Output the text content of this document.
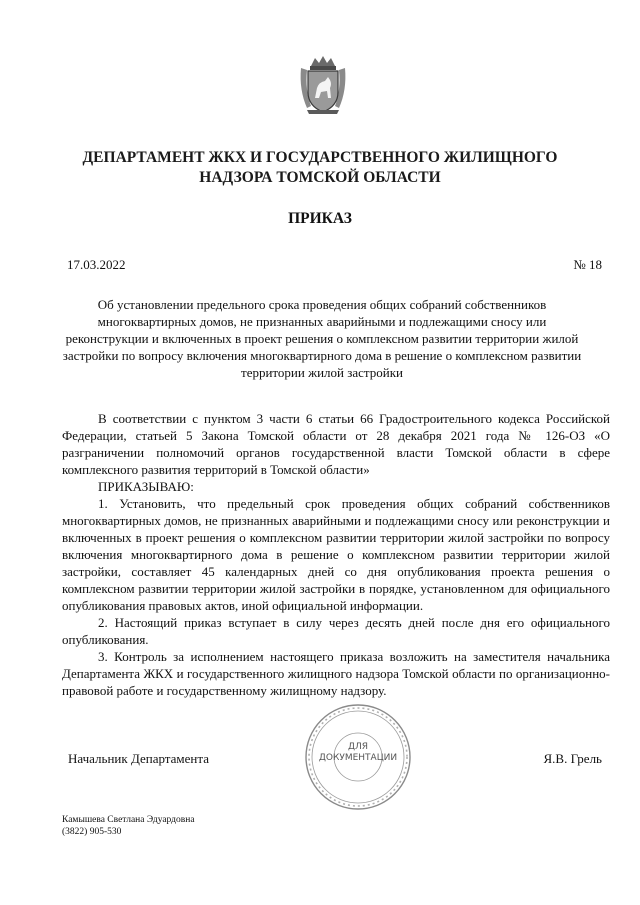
ДЕПАРТАМЕНТ ЖКХ И ГОСУДАРСТВЕННОГО ЖИЛИЩНОГО
НАДЗОРА ТОМСКОЙ ОБЛАСТИ
ПРИКАЗ
17.03.2022	№ 18
Об установлении предельного срока проведения общих собраний собственников многоквартирных домов, не признанных аварийными и подлежащими сносу или реконструкции и включенных в проект решения о комплексном развитии территории жилой застройки по вопросу включения многоквартирного дома в решение о комплексном развитии территории жилой застройки

В соответствии с пунктом 3 части 6 статьи 66 Градостроительного кодекса Российской Федерации, статьей 5 Закона Томской области от 28 декабря 2021 года № 126-ОЗ «О разграничении полномочий органов государственной власти Томской области в сфере комплексного развития территорий в Томской области»

ПРИКАЗЫВАЮ:

1. Установить, что предельный срок проведения общих собраний собственников многоквартирных домов, не признанных аварийными и подлежащими сносу или реконструкции и включенных в проект решения о комплексном развитии территории жилой застройки по вопросу включения многоквартирного дома в решение о комплексном развитии территории жилой застройки, составляет 45 календарных дней со дня опубликования проекта решения о комплексном развитии территории жилой застройки в порядке, установленном для официального опубликования правовых актов, иной официальной информации.

2. Настоящий приказ вступает в силу через десять дней после дня его официального опубликования.

3. Контроль за исполнением настоящего приказа возложить на заместителя начальника Департамента ЖКХ и государственного жилищного надзора Томской области по организационно-правовой работе и государственному жилищному надзору.

ДЛЯ
ДОКУМЕНТАЦИИ
Начальник Департамента	Я.В. Грель
Камышева Светлана Эдуардовна
(3822) 905-530
